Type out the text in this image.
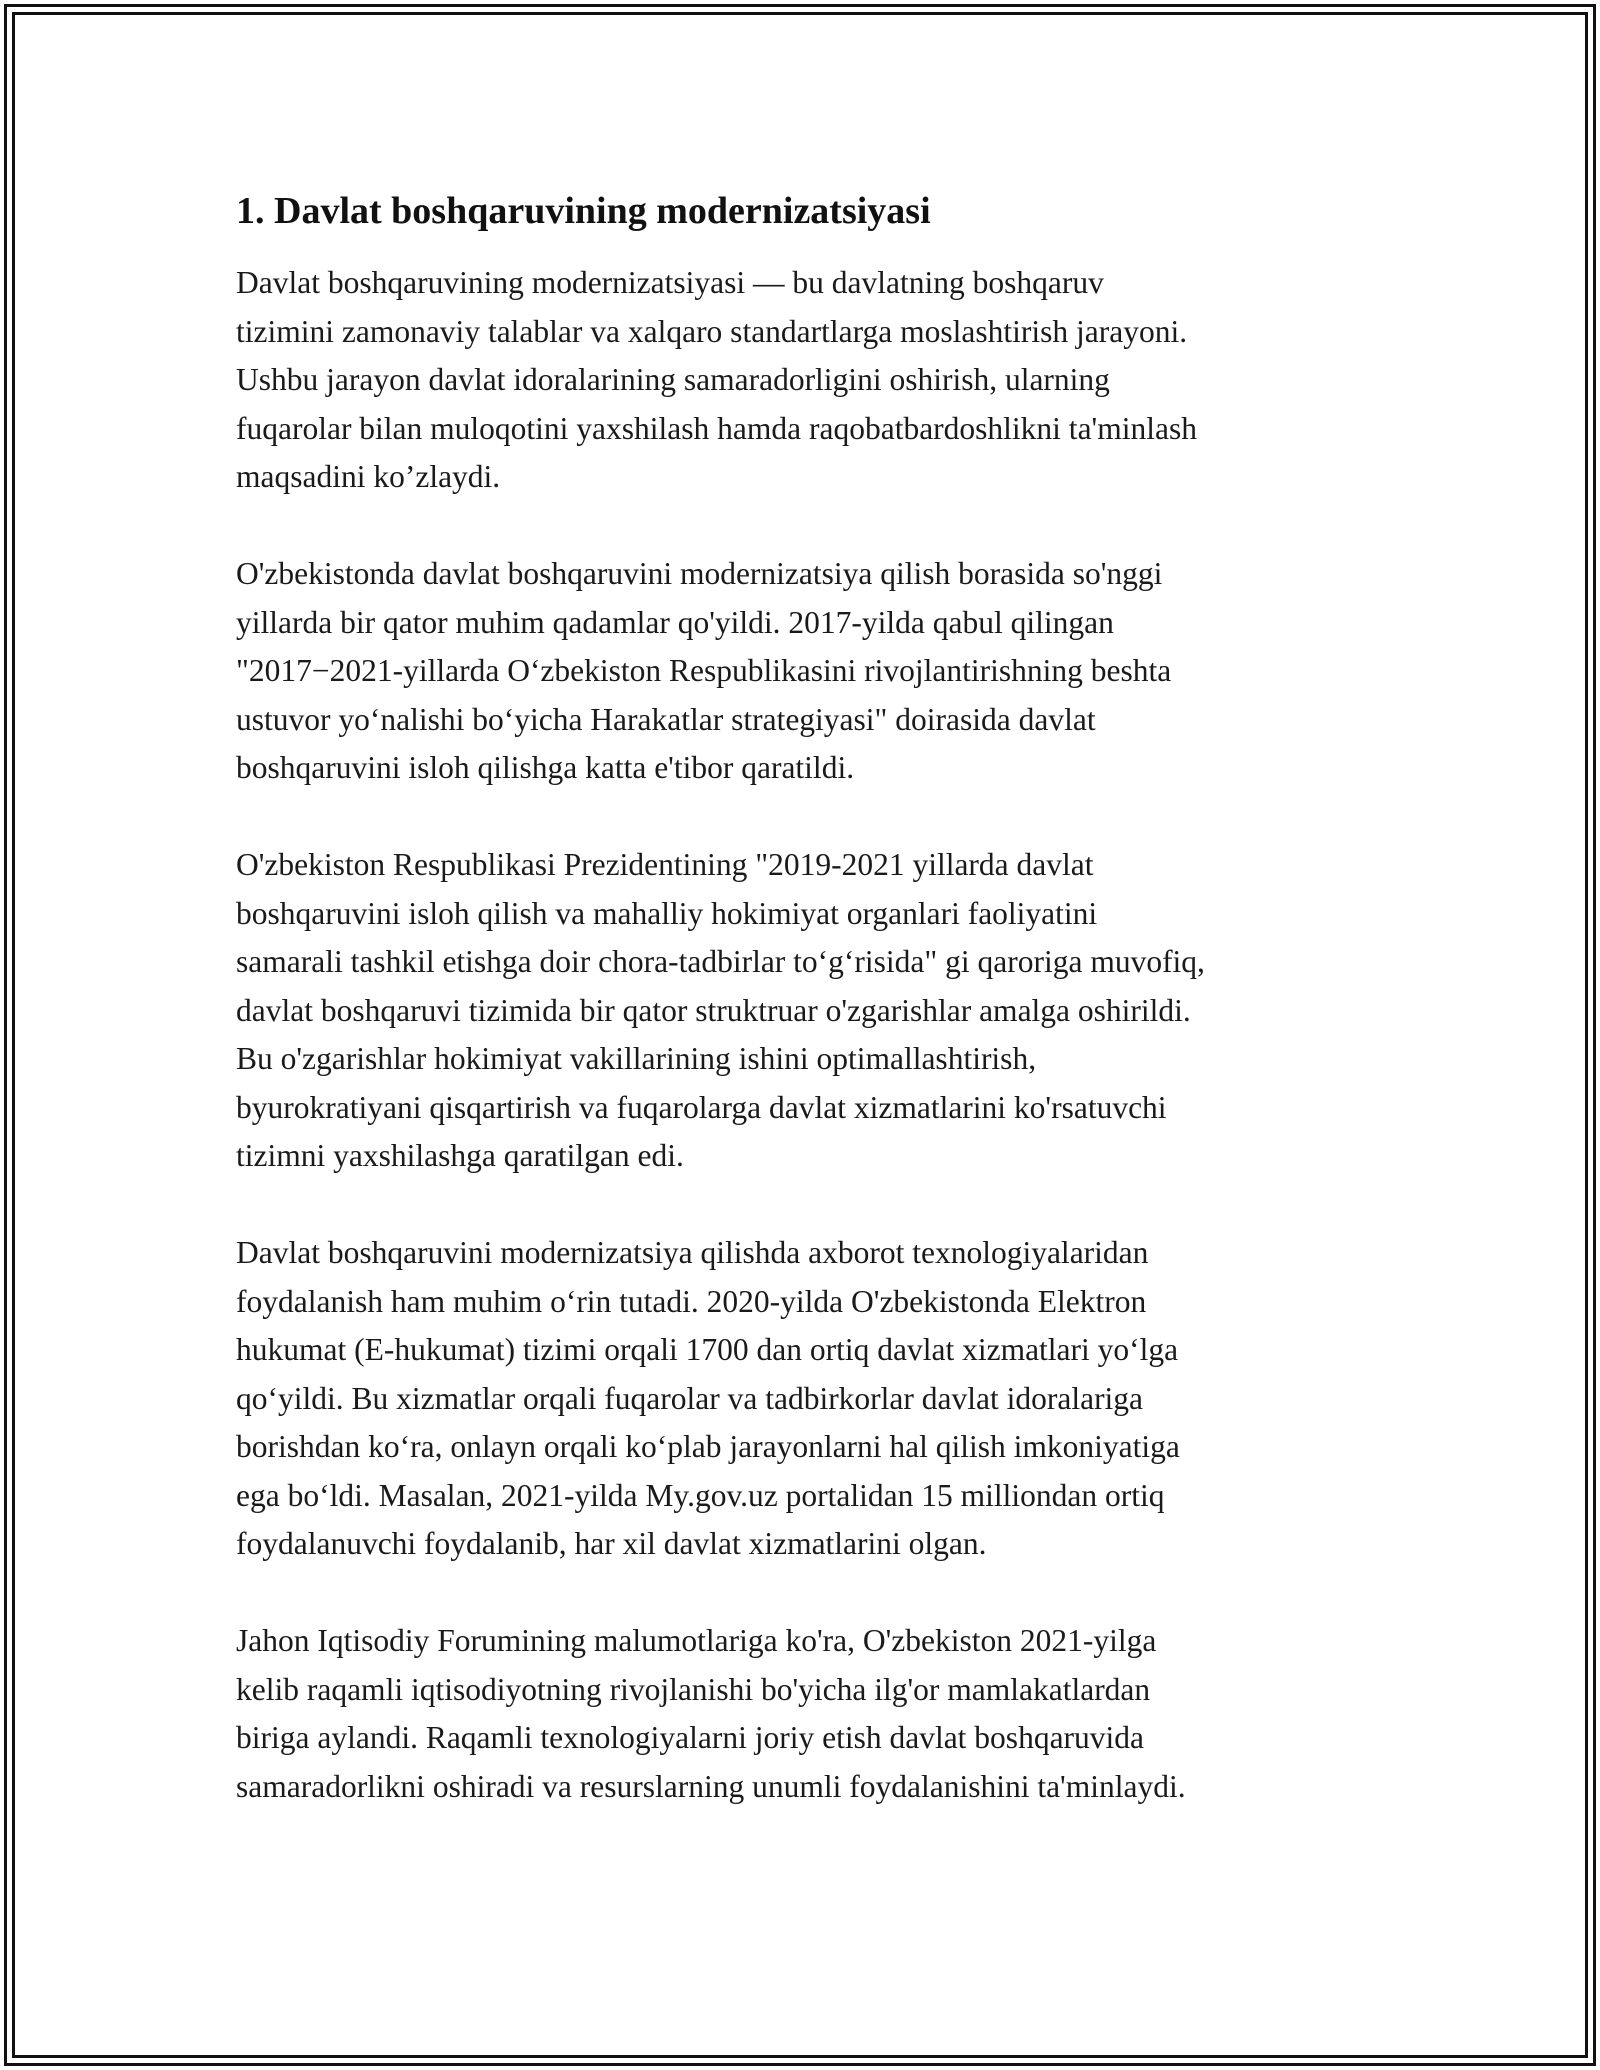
1. Davlat boshqaruvining modernizatsiyasi

Davlat boshqaruvining modernizatsiyasi — bu davlatning boshqaruv
tizimini zamonaviy talablar va xalqaro standartlarga moslashtirish jarayoni.
Ushbu jarayon davlat idoralarining samaradorligini oshirish, ularning
fuqarolar bilan muloqotini yaxshilash hamda raqobatbardoshlikni ta'minlash
maqsadini ko’zlaydi.

O'zbekistonda davlat boshqaruvini modernizatsiya qilish borasida so'nggi
yillarda bir qator muhim qadamlar qo'yildi. 2017-yilda qabul qilingan
"2017−2021-yillarda O‘zbekiston Respublikasini rivojlantirishning beshta
ustuvor yo‘nalishi bo‘yicha Harakatlar strategiyasi" doirasida davlat
boshqaruvini isloh qilishga katta e'tibor qaratildi.

O'zbekiston Respublikasi Prezidentining "2019-2021 yillarda davlat
boshqaruvini isloh qilish va mahalliy hokimiyat organlari faoliyatini
samarali tashkil etishga doir chora-tadbirlar to‘g‘risida" gi qaroriga muvofiq,
davlat boshqaruvi tizimida bir qator struktruar o'zgarishlar amalga oshirildi.
Bu o'zgarishlar hokimiyat vakillarining ishini optimallashtirish,
byurokratiyani qisqartirish va fuqarolarga davlat xizmatlarini ko'rsatuvchi
tizimni yaxshilashga qaratilgan edi.

Davlat boshqaruvini modernizatsiya qilishda axborot texnologiyalaridan
foydalanish ham muhim o‘rin tutadi. 2020-yilda O'zbekistonda Elektron
hukumat (E-hukumat) tizimi orqali 1700 dan ortiq davlat xizmatlari yo‘lga
qo‘yildi. Bu xizmatlar orqali fuqarolar va tadbirkorlar davlat idoralariga
borishdan ko‘ra, onlayn orqali ko‘plab jarayonlarni hal qilish imkoniyatiga
ega bo‘ldi. Masalan, 2021-yilda My.gov.uz portalidan 15 milliondan ortiq
foydalanuvchi foydalanib, har xil davlat xizmatlarini olgan.

Jahon Iqtisodiy Forumining malumotlariga ko'ra, O'zbekiston 2021-yilga
kelib raqamli iqtisodiyotning rivojlanishi bo'yicha ilg'or mamlakatlardan
biriga aylandi. Raqamli texnologiyalarni joriy etish davlat boshqaruvida
samaradorlikni oshiradi va resurslarning unumli foydalanishini ta'minlaydi.
